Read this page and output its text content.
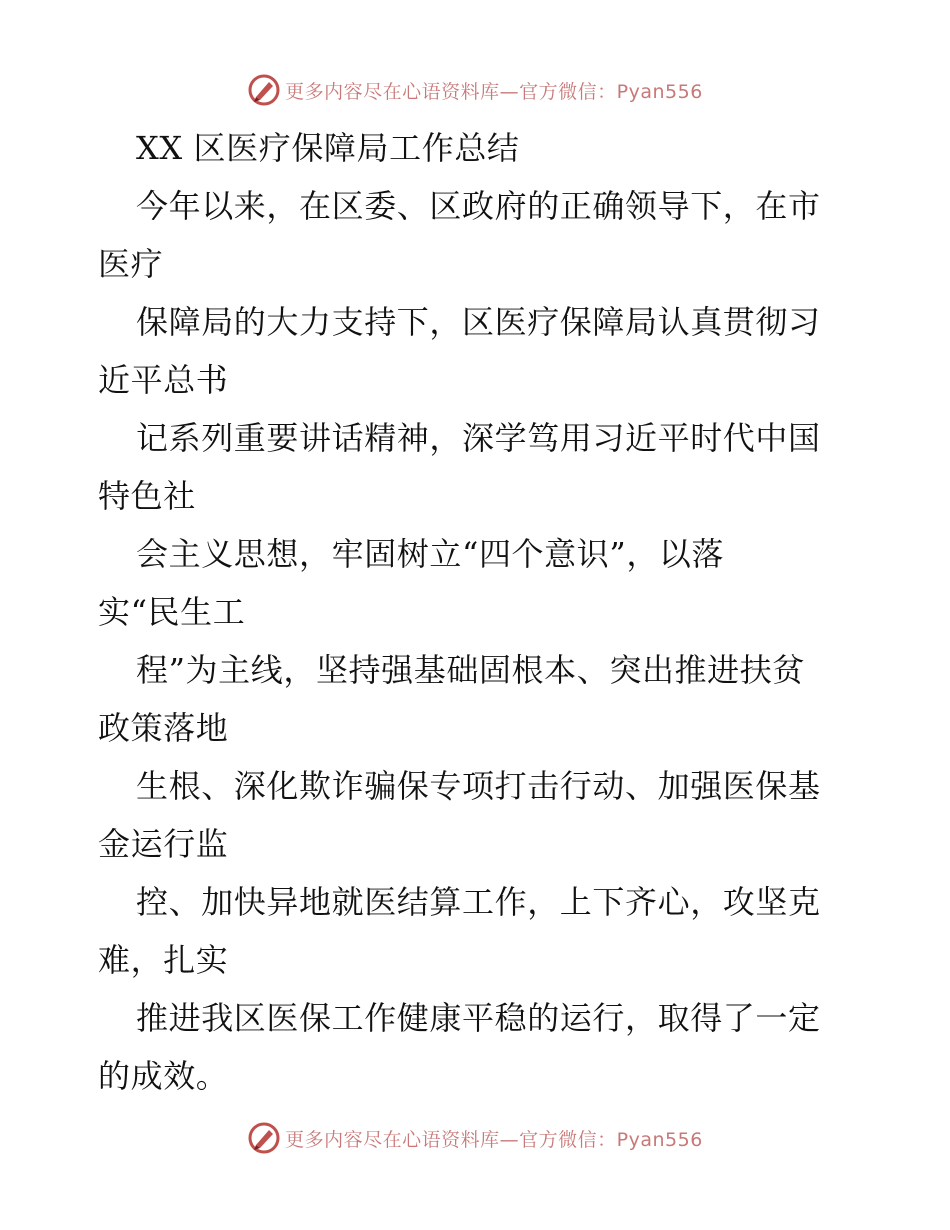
更多内容尽在心语资料库—官方微信：Pyan556
XX 区医疗保障局工作总结
今年以来，在区委、区政府的正确领导下，在市
医疗
保障局的大力支持下，区医疗保障局认真贯彻习
近平总书
记系列重要讲话精神，深学笃用习近平时代中国
特色社
会主义思想，牢固树立“四个意识”，以落
实“民生工
程”为主线，坚持强基础固根本、突出推进扶贫
政策落地
生根、深化欺诈骗保专项打击行动、加强医保基
金运行监
控、加快异地就医结算工作，上下齐心，攻坚克
难，扎实
推进我区医保工作健康平稳的运行，取得了一定
的成效。
更多内容尽在心语资料库—官方微信：Pyan556
